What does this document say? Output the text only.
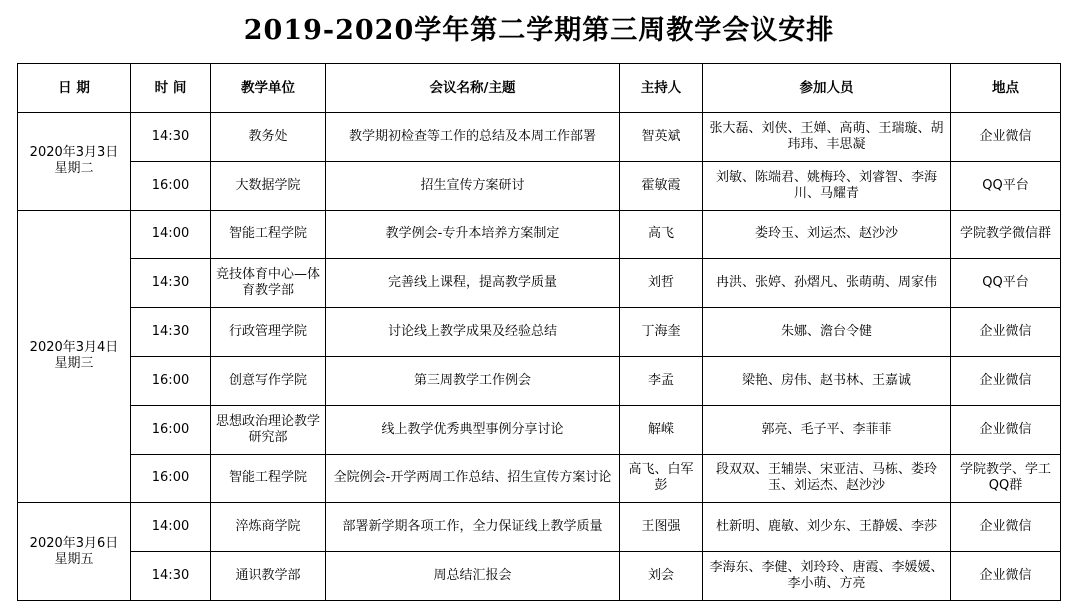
2019-2020学年第二学期第三周教学会议安排
日 期	时 间	教学单位	会议名称/主题	主持人	参加人员	地点
2020年3月3日
星期二	14:30	教务处	教学期初检查等工作的总结及本周工作部署	智英斌	张大磊、刘侠、王婵、高萌、王瑞璇、胡玮玮、丰思凝	企业微信
	16:00	大数据学院	招生宣传方案研讨	霍敏霞	刘敏、陈端君、姚梅玲、刘睿智、李海川、马耀青	QQ平台
2020年3月4日
星期三	14:00	智能工程学院	教学例会-专升本培养方案制定	高飞	娄玲玉、刘运杰、赵沙沙	学院教学微信群
	14:30	竞技体育中心—体育教学部	完善线上课程，提高教学质量	刘哲	冉洪、张婷、孙熠凡、张萌萌、周家伟	QQ平台
	14:30	行政管理学院	讨论线上教学成果及经验总结	丁海奎	朱娜、澹台令健	企业微信
	16:00	创意写作学院	第三周教学工作例会	李孟	梁艳、房伟、赵书林、王嘉诚	企业微信
	16:00	思想政治理论教学研究部	线上教学优秀典型事例分享讨论	解嵘	郭亮、毛子平、李菲菲	企业微信
	16:00	智能工程学院	全院例会-开学两周工作总结、招生宣传方案讨论	高飞、白军彭	段双双、王辅崇、宋亚洁、马栋、娄玲玉、刘运杰、赵沙沙	学院教学、学工QQ群
2020年3月6日
星期五	14:00	淬炼商学院	部署新学期各项工作，全力保证线上教学质量	王图强	杜新明、鹿敏、刘少东、王静媛、李莎	企业微信
	14:30	通识教学部	周总结汇报会	刘会	李海东、李健、刘玲玲、唐霞、李媛媛、李小萌、方亮	企业微信
